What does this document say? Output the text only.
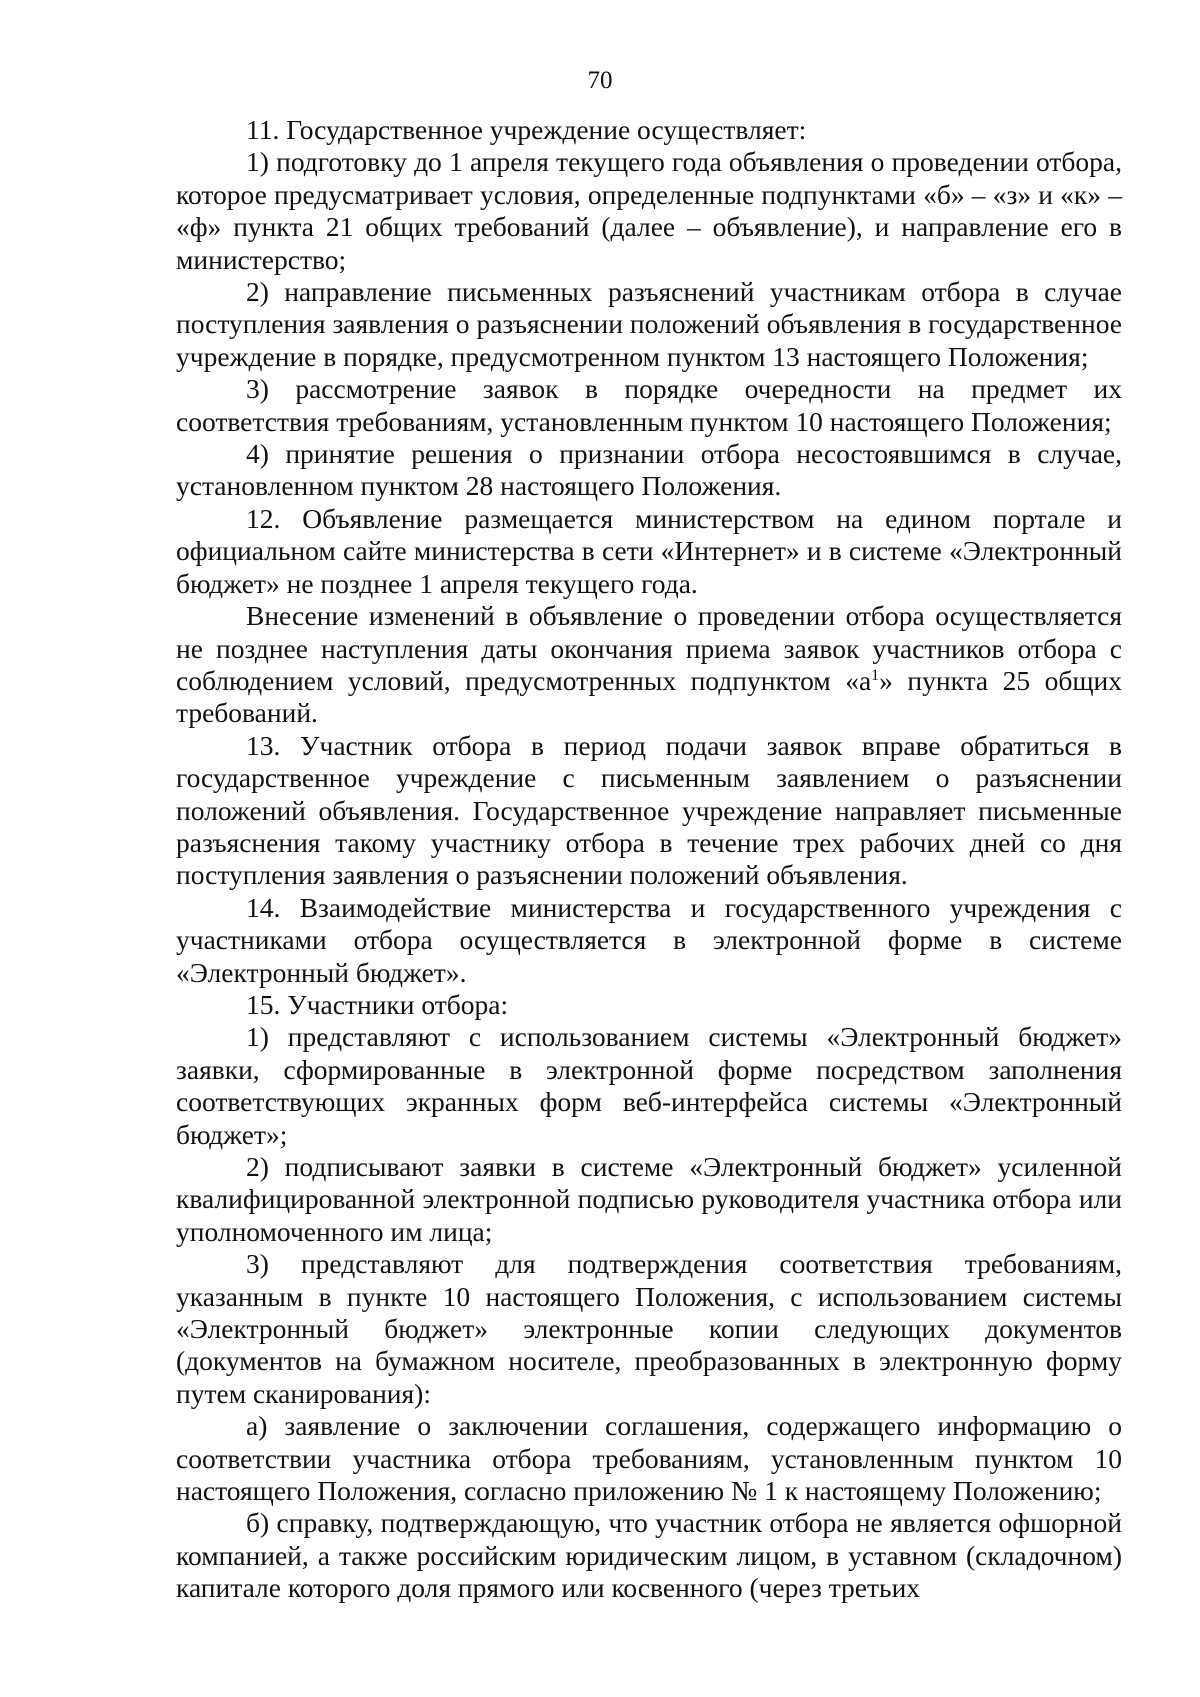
70

11. Государственное учреждение осуществляет:

1) подготовку до 1 апреля текущего года объявления о проведении отбора, которое предусматривает условия, определенные подпунктами «б» – «з» и «к» – «ф» пункта 21 общих требований (далее – объявление), и направление его в министерство;

2) направление письменных разъяснений участникам отбора в случае поступления заявления о разъяснении положений объявления в государственное учреждение в порядке, предусмотренном пунктом 13 настоящего Положения;

3) рассмотрение заявок в порядке очередности на предмет их соответствия требованиям, установленным пунктом 10 настоящего Положения;

4) принятие решения о признании отбора несостоявшимся в случае, установленном пунктом 28 настоящего Положения.

12. Объявление размещается министерством на едином портале и официальном сайте министерства в сети «Интернет» и в системе «Электронный бюджет» не позднее 1 апреля текущего года.

Внесение изменений в объявление о проведении отбора осуществляется не позднее наступления даты окончания приема заявок участников отбора с соблюдением условий, предусмотренных подпунктом «$а^1$» пункта 25 общих требований.

13. Участник отбора в период подачи заявок вправе обратиться в государственное учреждение с письменным заявлением о разъяснении положений объявления. Государственное учреждение направляет письменные разъяснения такому участнику отбора в течение трех рабочих дней со дня поступления заявления о разъяснении положений объявления.

14. Взаимодействие министерства и государственного учреждения с участниками отбора осуществляется в электронной форме в системе «Электронный бюджет».

15. Участники отбора:

1) представляют с использованием системы «Электронный бюджет» заявки, сформированные в электронной форме посредством заполнения соответствующих экранных форм веб-интерфейса системы «Электронный бюджет»;

2) подписывают заявки в системе «Электронный бюджет» усиленной квалифицированной электронной подписью руководителя участника отбора или уполномоченного им лица;

3) представляют для подтверждения соответствия требованиям, указанным в пункте 10 настоящего Положения, с использованием системы «Электронный бюджет» электронные копии следующих документов (документов на бумажном носителе, преобразованных в электронную форму путем сканирования):

а) заявление о заключении соглашения, содержащего информацию о соответствии участника отбора требованиям, установленным пунктом 10 настоящего Положения, согласно приложению № 1 к настоящему Положению;

б) справку, подтверждающую, что участник отбора не является офшорной компанией, а также российским юридическим лицом, в уставном (складочном) капитале которого доля прямого или косвенного (через третьих
